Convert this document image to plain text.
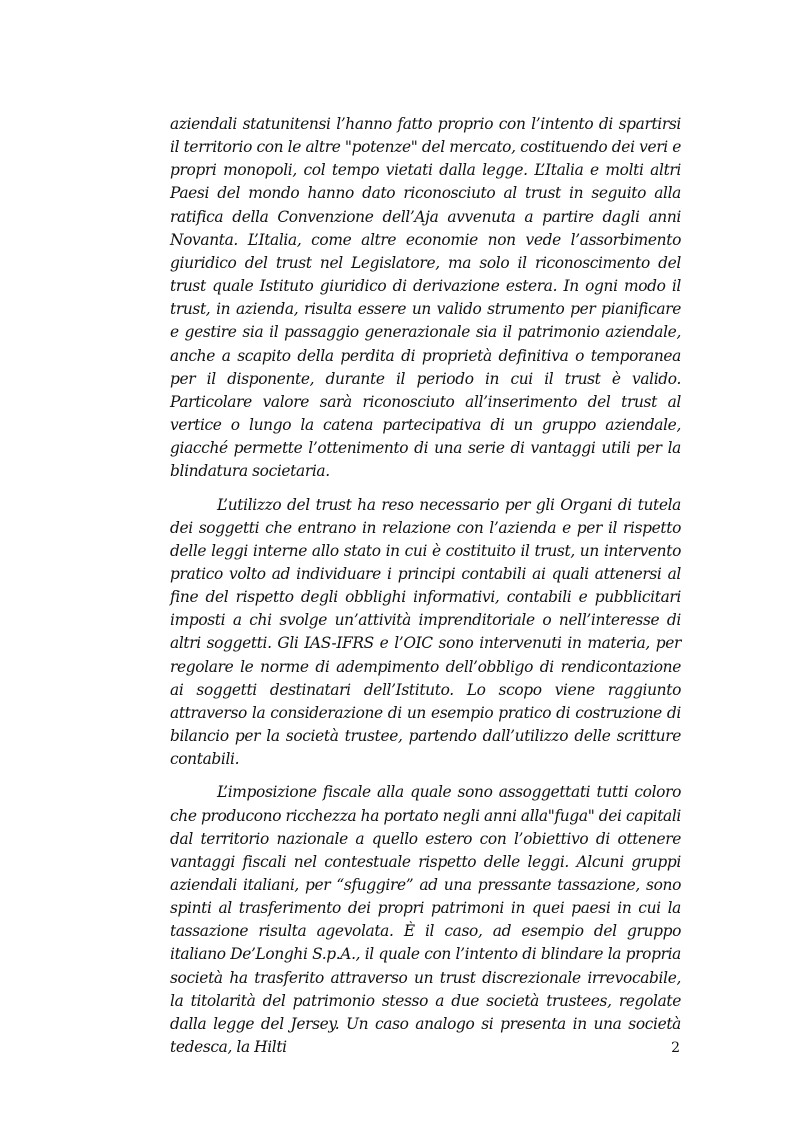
aziendali statunitensi l’hanno fatto proprio con l’intento di spartirsi il territorio con le altre "potenze" del mercato, costituendo dei veri e propri monopoli, col tempo vietati dalla legge. L’Italia e molti altri Paesi del mondo hanno dato riconosciuto al trust in seguito alla ratifica della Convenzione dell’Aja avvenuta a partire dagli anni Novanta. L’Italia, come altre economie non vede l’assorbimento giuridico del trust nel Legislatore, ma solo il riconoscimento del trust quale Istituto giuridico di derivazione estera. In ogni modo il trust, in azienda, risulta essere un valido strumento per pianificare e gestire sia il passaggio generazionale sia il patrimonio aziendale, anche a scapito della perdita di proprietà definitiva o temporanea per il disponente, durante il periodo in cui il trust è valido. Particolare valore sarà riconosciuto all’inserimento del trust al vertice o lungo la catena partecipativa di un gruppo aziendale, giacché permette l’ottenimento di una serie di vantaggi utili per la blindatura societaria.

L’utilizzo del trust ha reso necessario per gli Organi di tutela dei soggetti che entrano in relazione con l’azienda e per il rispetto delle leggi interne allo stato in cui è costituito il trust, un intervento pratico volto ad individuare i principi contabili ai quali attenersi al fine del rispetto degli obblighi informativi, contabili e pubblicitari imposti a chi svolge un’attività imprenditoriale o nell’interesse di altri soggetti. Gli IAS-IFRS e l’OIC sono intervenuti in materia, per regolare le norme di adempimento dell’obbligo di rendicontazione ai soggetti destinatari dell’Istituto. Lo scopo viene raggiunto attraverso la considerazione di un esempio pratico di costruzione di bilancio per la società trustee, partendo dall’utilizzo delle scritture contabili.

L’imposizione fiscale alla quale sono assoggettati tutti coloro che producono ricchezza ha portato negli anni alla"fuga" dei capitali dal territorio nazionale a quello estero con l’obiettivo di ottenere vantaggi fiscali nel contestuale rispetto delle leggi. Alcuni gruppi aziendali italiani, per “sfuggire” ad una pressante tassazione, sono spinti al trasferimento dei propri patrimoni in quei paesi in cui la tassazione risulta agevolata. È il caso, ad esempio del gruppo italiano De’Longhi S.p.A., il quale con l’intento di blindare la propria società ha trasferito attraverso un trust discrezionale irrevocabile, la titolarità del patrimonio stesso a due società trustees, regolate dalla legge del Jersey. Un caso analogo si presenta in una società tedesca, la Hilti	2
